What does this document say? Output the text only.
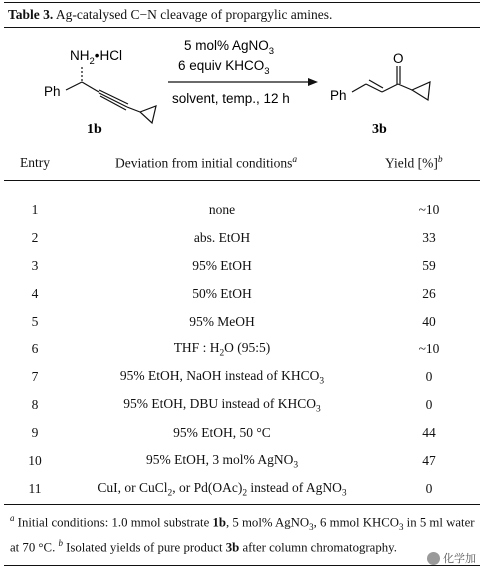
Table 3. Ag-catalysed C−N cleavage of propargylic amines.
$NH_2•HCl$
Ph
1b
5 mol% AgNO$_3$
6 equiv $KHCO_3$
solvent, temp., 12 h	Ph
O
3b
Entry	Deviation from initial conditions$^a$	Yield [%]$^b$
1	none	~10
2	abs. EtOH	33
3	95% EtOH	59
4	50% EtOH	26
5	95% MeOH	40
6	THF : $H_2O$ (95:5)	~10
7	95% EtOH, NaOH instead of $KHCO_3$	0
8	95% EtOH, DBU instead of $KHCO_3$	0
9	95% EtOH, 50 °C	44
10	95% EtOH, 3 mol% AgNO$_3$	47
11	CuI, or CuCl$_2$, or $Pd(OAc)_2$ instead of AgNO$_3$	0
$^a$ Initial conditions: 1.0 mmol substrate 1b, 5 mol% AgNO$_3$, 6 mmol $KHCO_3$ in 5 ml water at 70 °C. $^b$ Isolated yields of pure product 3b after column chromatography.
化学加
